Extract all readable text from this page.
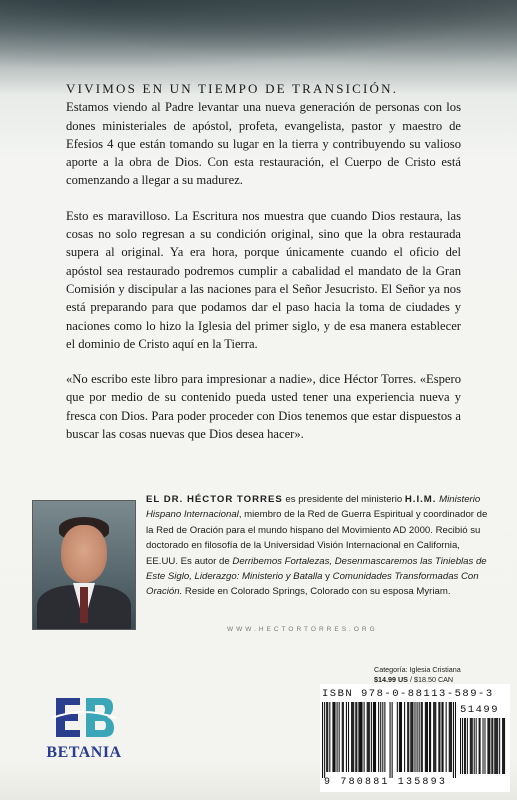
VIVIMOS EN UN TIEMPO DE TRANSICIÓN.
Estamos viendo al Padre levantar una nueva generación de personas con los dones ministeriales de apóstol, profeta, evangelista, pastor y maestro de Efesios 4 que están tomando su lugar en la tierra y contribuyendo su valioso aporte a la obra de Dios. Con esta restauración, el Cuerpo de Cristo está comenzando a llegar a su madurez.

Esto es maravilloso. La Escritura nos muestra que cuando Dios restaura, las cosas no solo regresan a su condición original, sino que la obra restaurada supera al original. Ya era hora, porque únicamente cuando el oficio del apóstol sea restaurado podremos cumplir a cabalidad el mandato de la Gran Comisión y discipular a las naciones para el Señor Jesucristo. El Señor ya nos está preparando para que podamos dar el paso hacia la toma de ciudades y naciones como lo hizo la Iglesia del primer siglo, y de esa manera establecer el dominio de Cristo aquí en la Tierra.

«No escribo este libro para impresionar a nadie», dice Héctor Torres. «Espero que por medio de su contenido pueda usted tener una experiencia nueva y fresca con Dios. Para poder proceder con Dios tenemos que estar dispuestos a buscar las cosas nuevas que Dios desea hacer».

EL DR. HÉCTOR TORRES es presidente del ministerio H.I.M. Ministerio Hispano Internacional, miembro de la Red de Guerra Espiritual y coordinador de la Red de Oración para el mundo hispano del Movimiento AD 2000. Recibió su doctorado en filosofía de la Universidad Visión Internacional en California, EE.UU. Es autor de Derribemos Fortalezas, Desenmascaremos las Tinieblas de Este Siglo, Liderazgo: Ministerio y Batalla y Comunidades Transformadas Con Oración. Reside en Colorado Springs, Colorado con su esposa Myriam.
WWW.HECTORTORRES.ORG
BETANIA
Categoría: Iglesia Cristiana
$14.99 US / $18.50 CAN
ISBN 978-0-88113-589-3
51499
9 780881 135893
